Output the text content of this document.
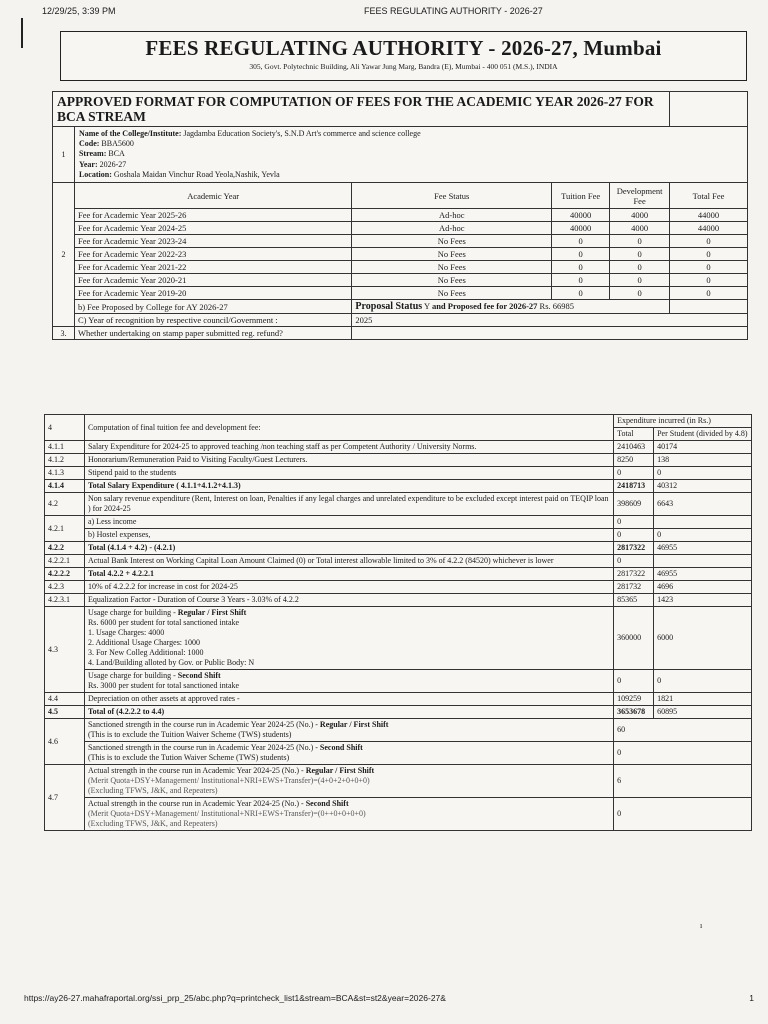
12/29/25, 3:39 PM	FEES REGULATING AUTHORITY - 2026-27
FEES REGULATING AUTHORITY - 2026-27, Mumbai
305, Govt. Polytechnic Building, Ali Yawar Jung Marg, Bandra (E), Mumbai - 400 051 (M.S.), INDIA
APPROVED FORMAT FOR COMPUTATION OF FEES FOR THE ACADEMIC YEAR 2026-27 FOR BCA STREAM					
1	Name of the College/Institute: Jagdamba Education Society's, S.N.D Art's commerce and science college
Code: BBA5600
Stream: BCA
Year: 2026-27
Location: Goshala Maidan Vinchur Road Yeola,Nashik, Yevla				
2	Academic Year	Fee Status	Tuition Fee	Development Fee	Total Fee
	Fee for Academic Year 2025-26	Ad-hoc	40000	4000	44000
	Fee for Academic Year 2024-25	Ad-hoc	40000	4000	44000
	Fee for Academic Year 2023-24	No Fees	0	0	0
	Fee for Academic Year 2022-23	No Fees	0	0	0
	Fee for Academic Year 2021-22	No Fees	0	0	0
	Fee for Academic Year 2020-21	No Fees	0	0	0
	Fee for Academic Year 2019-20	No Fees	0	0	0
	b) Fee Proposed by College for AY 2026-27	Proposal Status Y and Proposed fee for 2026-27 Rs. 66985			
	C) Year of recognition by respective council/Government :	2025			
3.	Whether undertaking on stamp paper submitted reg. refund?				
4	Computation of final tuition fee and development fee:	Expenditure incurred (in Rs.)	
		Total	Per Student (divided by 4.8)
4.1.1	Salary Expenditure for 2024-25 to approved teaching /non teaching staff as per Competent Authority / University Norms.	2410463	40174
4.1.2	Honorarium/Remuneration Paid to Visiting Faculty/Guest Lecturers.	8250	138
4.1.3	Stipend paid to the students	0	0
4.1.4	Total Salary Expenditure ( 4.1.1+4.1.2+4.1.3)	2418713	40312
4.2	Non salary revenue expenditure (Rent, Interest on loan, Penalties if any legal charges and unrelated expenditure to be excluded except interest paid on TEQIP loan ) for 2024-25	398609	6643
4.2.1	a) Less income	0	
	b) Hostel expenses,	0	0
4.2.2	Total (4.1.4 + 4.2) - (4.2.1)	2817322	46955
4.2.2.1	Actual Bank Interest on Working Capital Loan Amount Claimed (0) or Total interest allowable limited to 3% of 4.2.2 (84520) whichever is lower	0	
4.2.2.2	Total 4.2.2 + 4.2.2.1	2817322	46955
4.2.3	10% of 4.2.2.2 for increase in cost for 2024-25	281732	4696
4.2.3.1	Equalization Factor - Duration of Course 3 Years - 3.03% of 4.2.2	85365	1423
4.3	Usage charge for building - Regular / First Shift
Rs. 6000 per student for total sanctioned intake
1. Usage Charges: 4000
2. Additional Usage Charges: 1000
3. For New Colleg Additional: 1000
4. Land/Building alloted by Gov. or Public Body: N	360000	6000
	Usage charge for building - Second Shift
Rs. 3000 per student for total sanctioned intake	0	0
4.4	Depreciation on other assets at approved rates -	109259	1821
4.5	Total of (4.2.2.2 to 4.4)	3653678	60895
4.6	Sanctioned strength in the course run in Academic Year 2024-25 (No.) - Regular / First Shift
(This is to exclude the Tuition Waiver Scheme (TWS) students)	60	
	Sanctioned strength in the course run in Academic Year 2024-25 (No.) - Second Shift
(This is to exclude the Tution Waiver Scheme (TWS) students)	0	
4.7	Actual strength in the course run in Academic Year 2024-25 (No.) - Regular / First Shift
(Merit Quota+DSY+Management/ Institutional+NRI+EWS+Transfer)=(4+0+2+0+0+0)
(Excluding TFWS, J&K, and Repeaters)	6	
	Actual strength in the course run in Academic Year 2024-25 (No.) - Second Shift
(Merit Quota+DSY+Management/ Institutional+NRI+EWS+Transfer)=(0++0+0+0+0)
(Excluding TFWS, J&K, and Repeaters)	0	
ı
https://ay26-27.mahafraportal.org/ssi_prp_25/abc.php?q=printcheck_list1&stream=BCA&st=st2&year=2026-27&	1
